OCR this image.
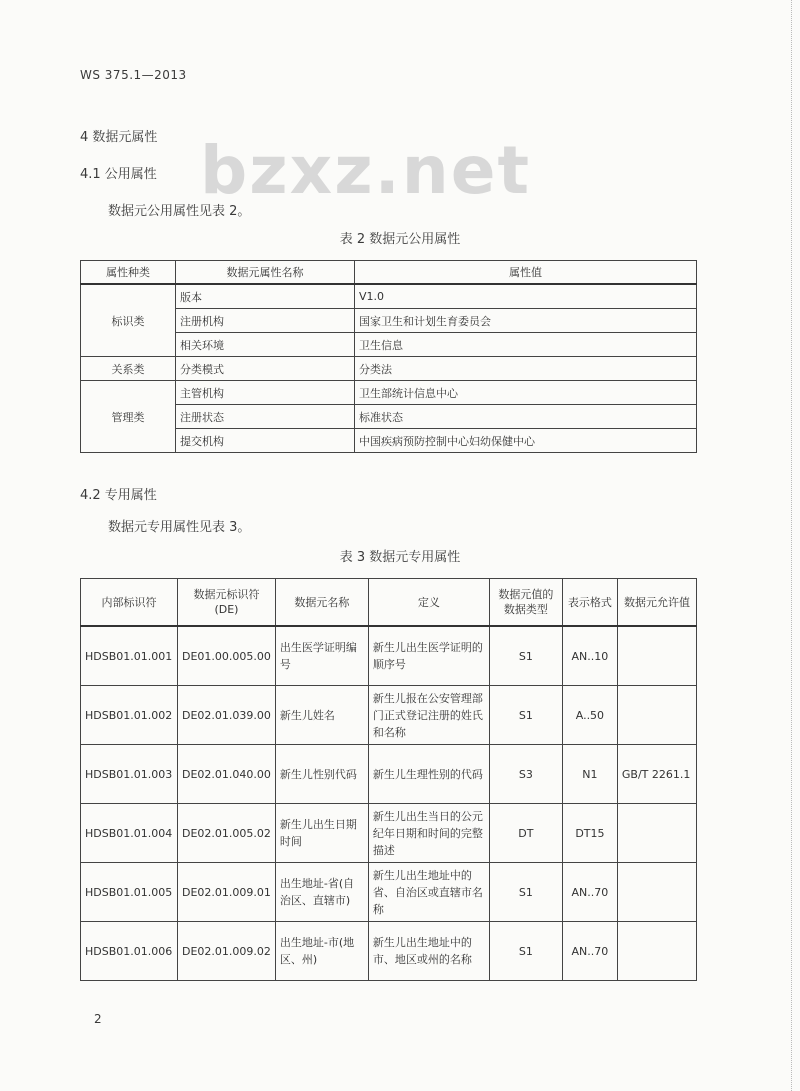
WS 375.1—2013
bzxz.net
4 数据元属性
4.1 公用属性
数据元公用属性见表 2。
表 2 数据元公用属性
属性种类	数据元属性名称	属性值
标识类	版本	V1.0
	注册机构	国家卫生和计划生育委员会
	相关环境	卫生信息
关系类	分类模式	分类法
管理类	主管机构	卫生部统计信息中心
	注册状态	标准状态
	提交机构	中国疾病预防控制中心妇幼保健中心
4.2 专用属性
数据元专用属性见表 3。
表 3 数据元专用属性
内部标识符	数据元标识符(DE)	数据元名称	定义	数据元值的数据类型	表示格式	数据元允许值
HDSB01.01.001	DE01.00.005.00	出生医学证明编号	新生儿出生医学证明的顺序号	S1	AN..10	
HDSB01.01.002	DE02.01.039.00	新生儿姓名	新生儿报在公安管理部门正式登记注册的姓氏和名称	S1	A..50	
HDSB01.01.003	DE02.01.040.00	新生儿性别代码	新生儿生理性别的代码	S3	N1	GB/T 2261.1
HDSB01.01.004	DE02.01.005.02	新生儿出生日期时间	新生儿出生当日的公元纪年日期和时间的完整描述	DT	DT15	
HDSB01.01.005	DE02.01.009.01	出生地址-省(自治区、直辖市)	新生儿出生地址中的省、自治区或直辖市名称	S1	AN..70	
HDSB01.01.006	DE02.01.009.02	出生地址-市(地区、州)	新生儿出生地址中的市、地区或州的名称	S1	AN..70	
2
